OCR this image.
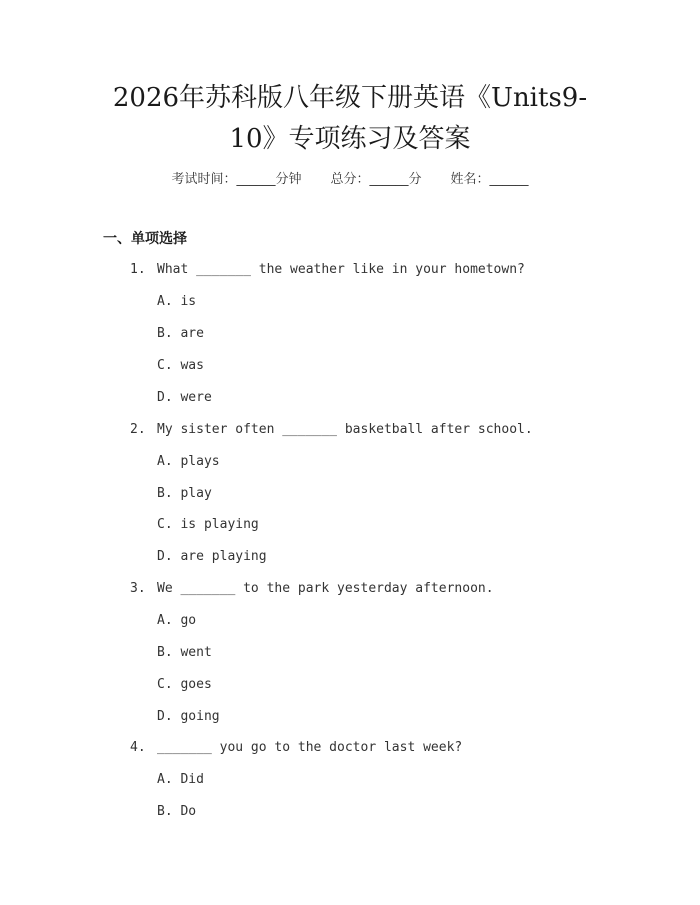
2026年苏科版八年级下册英语《Units9-
10》专项练习及答案
考试时间：______分钟 总分：______分 姓名：______
一、单项选择
1. What _______ the weather like in your hometown?
A. is
B. are
C. was
D. were
2. My sister often _______ basketball after school.
A. plays
B. play
C. is playing
D. are playing
3. We _______ to the park yesterday afternoon.
A. go
B. went
C. goes
D. going
4. _______ you go to the doctor last week?
A. Did
B. Do
